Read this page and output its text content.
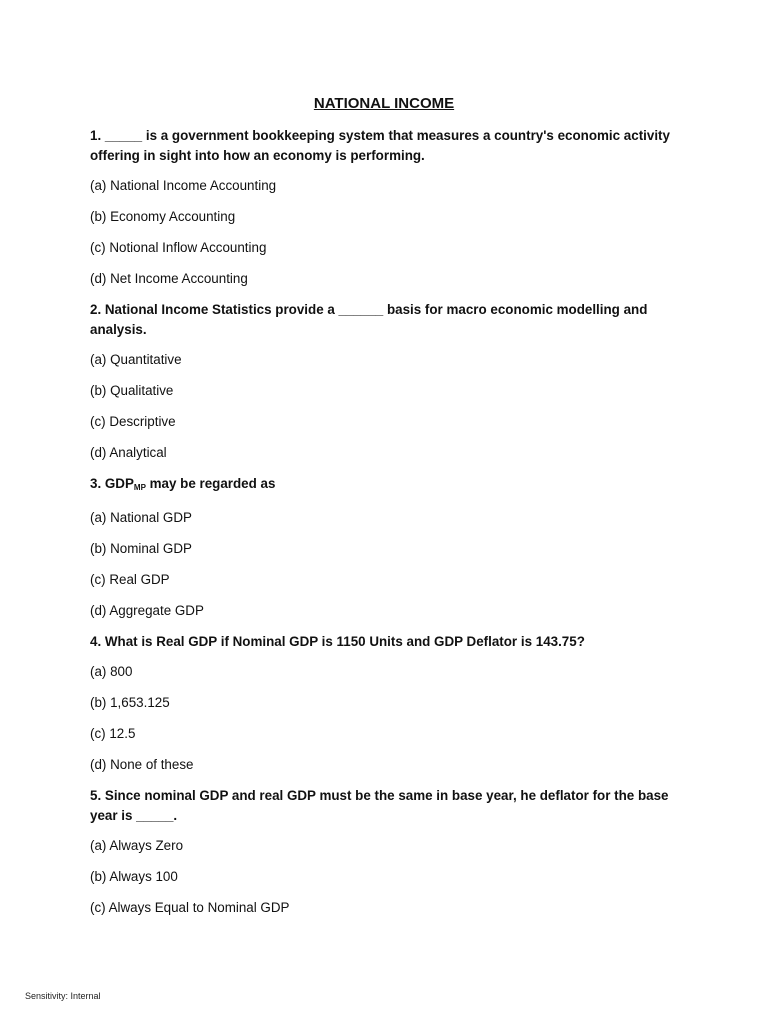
NATIONAL INCOME
1. _____ is a government bookkeeping system that measures a country's economic activity offering in sight into how an economy is performing.
(a) National Income Accounting
(b) Economy Accounting
(c) Notional Inflow Accounting
(d) Net Income Accounting
2. National Income Statistics provide a ______ basis for macro economic modelling and analysis.
(a) Quantitative
(b) Qualitative
(c) Descriptive
(d) Analytical
3. $GDP_{MP}$ may be regarded as
(a) National GDP
(b) Nominal GDP
(c) Real GDP
(d) Aggregate GDP
4. What is Real GDP if Nominal GDP is 1150 Units and GDP Deflator is 143.75?
(a) 800
(b) 1,653.125
(c) 12.5
(d) None of these
5. Since nominal GDP and real GDP must be the same in base year, he deflator for the base year is _____.
(a) Always Zero
(b) Always 100
(c) Always Equal to Nominal GDP
Sensitivity: Internal
